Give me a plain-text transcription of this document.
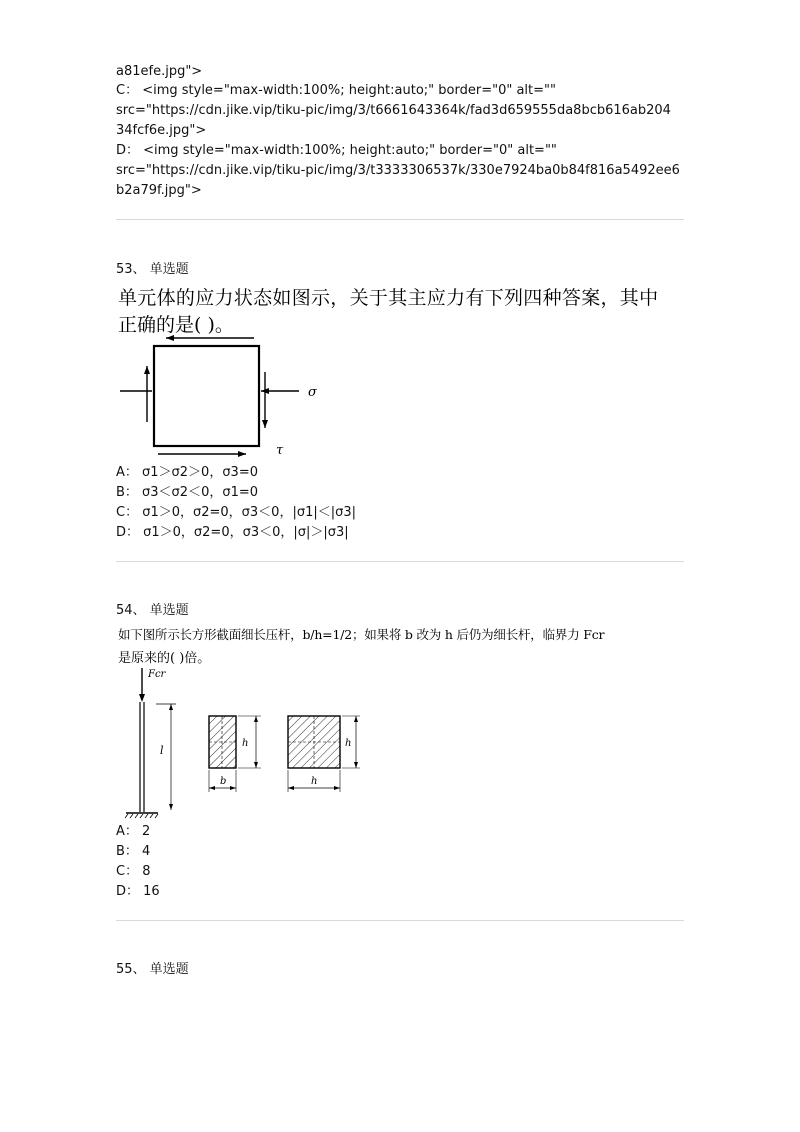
a81efe.jpg">
C： <img style="max-width:100%; height:auto;" border="0" alt=""
src="https://cdn.jike.vip/tiku-pic/img/3/t6661643364k/fad3d659555da8bcb616ab204
34fcf6e.jpg">
D： <img style="max-width:100%; height:auto;" border="0" alt=""
src="https://cdn.jike.vip/tiku-pic/img/3/t3333306537k/330e7924ba0b84f816a5492ee6
b2a79f.jpg">
53、 单选题
单元体的应力状态如图示，关于其主应力有下列四种答案，其中
正确的是( )。
σ
τ
A： σ1＞σ2＞0，σ3=0
B： σ3＜σ2＜0，σ1=0
C： σ1＞0，σ2=0，σ3＜0，|σ1|＜|σ3|
D： σ1＞0，σ2=0，σ3＜0，|σ|＞|σ3|
54、 单选题
如下图所示长方形截面细长压杆，b/h=1/2；如果将 b 改为 h 后仍为细长杆，临界力 Fcr
是原来的( )倍。
Fcr
l
h
b
h
h
A： 2
B： 4
C： 8
D： 16
55、 单选题
